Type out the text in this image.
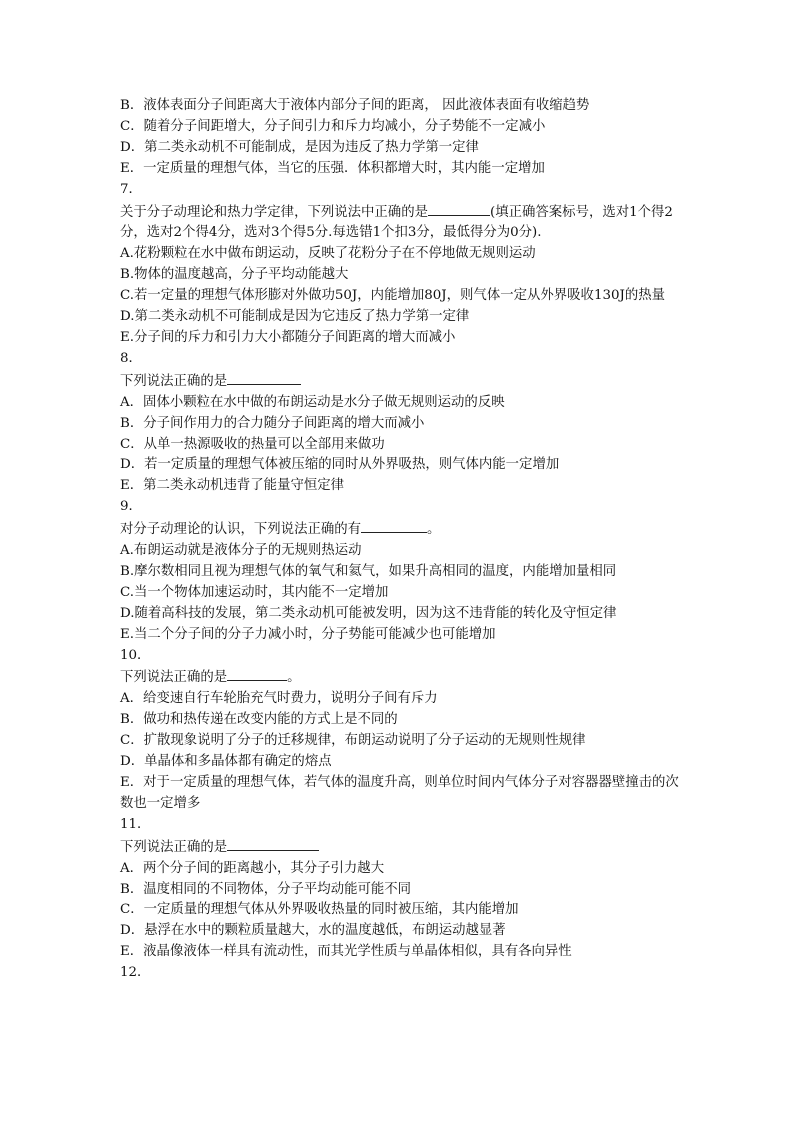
B．液体表面分子间距离大于液体内部分子间的距离， 因此液体表面有收缩趋势

C．随着分子间距增大，分子间引力和斥力均减小，分子势能不一定减小

D．第二类永动机不可能制成，是因为违反了热力学第一定律

E．一定质量的理想气体，当它的压强．体积都增大时，其内能一定增加

7．

关于分子动理论和热力学定律，下列说法中正确的是	(填正确答案标号，选对1个得2分，选对2个得4分，选对3个得5分.每选错1个扣3分，最低得分为0分).

A.花粉颗粒在水中做布朗运动，反映了花粉分子在不停地做无规则运动

B.物体的温度越高，分子平均动能越大

C.若一定量的理想气体形膨对外做功50J，内能增加80J，则气体一定从外界吸收130J的热量

D.第二类永动机不可能制成是因为它违反了热力学第一定律

E.分子间的斥力和引力大小都随分子间距离的增大而减小

8．

下列说法正确的是

A．固体小颗粒在水中做的布朗运动是水分子做无规则运动的反映

B．分子间作用力的合力随分子间距离的增大而减小

C．从单一热源吸收的热量可以全部用来做功

D．若一定质量的理想气体被压缩的同时从外界吸热，则气体内能一定增加

E．第二类永动机违背了能量守恒定律

9．

对分子动理论的认识，下列说法正确的有	。

A.布朗运动就是液体分子的无规则热运动

B.摩尔数相同且视为理想气体的氧气和氦气，如果升高相同的温度，内能增加量相同

C.当一个物体加速运动时，其内能不一定增加

D.随着高科技的发展，第二类永动机可能被发明，因为这不违背能的转化及守恒定律

E.当二个分子间的分子力减小时，分子势能可能减少也可能增加

10．

下列说法正确的是	。

A．给变速自行车轮胎充气时费力，说明分子间有斥力

B．做功和热传递在改变内能的方式上是不同的

C．扩散现象说明了分子的迁移规律，布朗运动说明了分子运动的无规则性规律

D．单晶体和多晶体都有确定的熔点

E．对于一定质量的理想气体，若气体的温度升高，则单位时间内气体分子对容器器壁撞击的次数也一定增多

11．

下列说法正确的是

A．两个分子间的距离越小，其分子引力越大

B．温度相同的不同物体，分子平均动能可能不同

C．一定质量的理想气体从外界吸收热量的同时被压缩，其内能增加

D．悬浮在水中的颗粒质量越大，水的温度越低，布朗运动越显著

E．液晶像液体一样具有流动性，而其光学性质与单晶体相似，具有各向异性

12．
